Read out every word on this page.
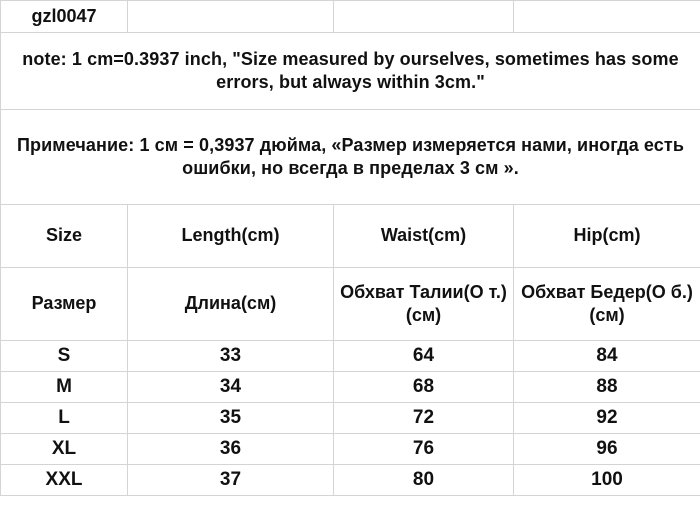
gzl0047			
note: 1 cm=0.3937 inch, "Size measured by ourselves, sometimes has some errors, but always within 3cm."			
Примечание: 1 см = 0,3937 дюйма, «Размер измеряется нами, иногда есть ошибки, но всегда в пределах 3 см ».			
Size	Length(cm)	Waist(cm)	Hip(cm)
Размер	Длина(см)	Обхват Талии(О т.)(см)	Обхват Бедер(О б.)(см)
S	33	64	84
M	34	68	88
L	35	72	92
XL	36	76	96
XXL	37	80	100
